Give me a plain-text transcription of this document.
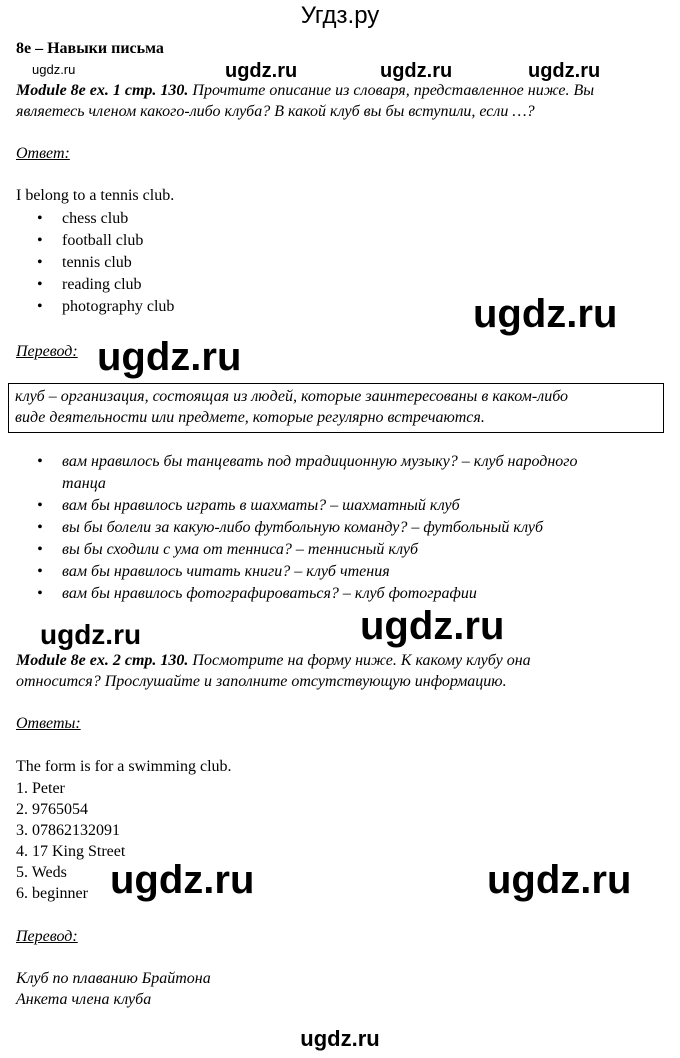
Угдз.ру
8e – Навыки письма
ugdz.ru	ugdz.ru	ugdz.ru	ugdz.ru
Module 8e ex. 1 стр. 130. Прочтите описание из словаря, представленное ниже. Вы
являетесь членом какого-либо клуба? В какой клуб вы бы вступили, если …?
Ответ:
I belong to a tennis club.
• chess club
• football club
• tennis club
• reading club
• photography club	ugdz.ru
Перевод: ugdz.ru
клуб – организация, состоящая из людей, которые заинтересованы в каком-либо
виде деятельности или предмете, которые регулярно встречаются.
• вам нравилось бы танцевать под традиционную музыку? – клуб народного
танца
• вам бы нравилось играть в шахматы? – шахматный клуб
• вы бы болели за какую-либо футбольную команду? – футбольный клуб
• вы бы сходили с ума от тенниса? – теннисный клуб
• вам бы нравилось читать книги? – клуб чтения
• вам бы нравилось фотографироваться? – клуб фотографии
ugdz.ru	ugdz.ru
Module 8e ex. 2 стр. 130. Посмотрите на форму ниже. К какому клубу она
относится? Прослушайте и заполните отсутствующую информацию.
Ответы:
The form is for a swimming club.
1. Peter
2. 9765054
3. 07862132091
4. 17 King Street
5. Weds
6. beginner ugdz.ru	ugdz.ru
Перевод:
Клуб по плаванию Брайтона
Анкета члена клуба
ugdz.ru
